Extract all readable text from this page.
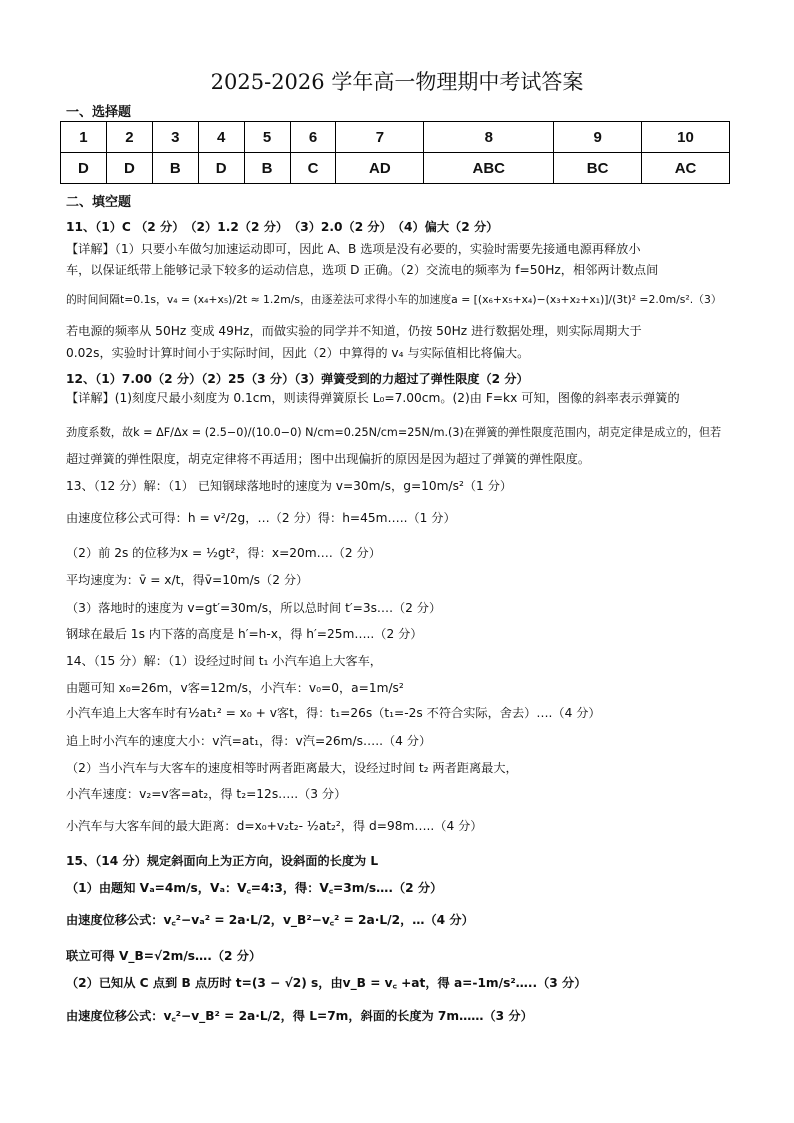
2025-2026 学年高一物理期中考试答案
一、选择题
1	2	3	4	5	6	7	8	9	10
D	D	B	D	B	C	AD	ABC	BC	AC
二、填空题
11、（1）C （2 分）　（2）1.2（2 分）　（3）2.0（2 分）　（4）偏大（2 分）
【详解】（1）只要小车做匀加速运动即可，因此 A、B 选项是没有必要的，实验时需要先接通电源再释放小
车，以保证纸带上能够记录下较多的运动信息，选项 D 正确。（2）交流电的频率为 f=50Hz，相邻两计数点间
的时间间隔t=0.1s，v₄ = (x₄+x₅)/2t ≈ 1.2m/s，由逐差法可求得小车的加速度a = [(x₆+x₅+x₄)−(x₃+x₂+x₁)]/(3t)² =2.0m/s².（3）
若电源的频率从 50Hz 变成 49Hz，而做实验的同学并不知道，仍按 50Hz 进行数据处理，则实际周期大于
0.02s，实验时计算时间小于实际时间，因此（2）中算得的 v₄ 与实际值相比将偏大。
12、（1）7.00（2 分）（2）25（3 分）（3）弹簧受到的力超过了弹性限度（2 分）
【详解】(1)刻度尺最小刻度为 0.1cm，则读得弹簧原长 L₀=7.00cm。(2)由 F=kx 可知，图像的斜率表示弹簧的
劲度系数，故k = ΔF/Δx = (2.5−0)/(10.0−0) N/cm=0.25N/cm=25N/m.(3)在弹簧的弹性限度范围内，胡克定律是成立的，但若
超过弹簧的弹性限度，胡克定律将不再适用；图中出现偏折的原因是因为超过了弹簧的弹性限度。
13、（12 分）解：（1） 已知钢球落地时的速度为 v=30m/s，g=10m/s²（1 分）
由速度位移公式可得：h = v²/2g，…（2 分）得：h=45m…..（1 分）
（2）前 2s 的位移为x = ½gt²，得：x=20m….（2 分）
平均速度为：v̄ = x/t，得v̄=10m/s（2 分）
（3）落地时的速度为 v=gt′=30m/s，所以总时间 t′=3s….（2 分）
钢球在最后 1s 内下落的高度是 h′=h-x，得 h′=25m…..（2 分）
14、（15 分）解：（1）设经过时间 t₁ 小汽车追上大客车，
由题可知 x₀=26m，v客=12m/s，小汽车：v₀=0，a=1m/s²
小汽车追上大客车时有½at₁² = x₀ + v客t，得：t₁=26s（t₁=-2s 不符合实际，舍去）….（4 分）
追上时小汽车的速度大小：v汽=at₁，得：v汽=26m/s…..（4 分）
（2）当小汽车与大客车的速度相等时两者距离最大，设经过时间 t₂ 两者距离最大，
小汽车速度：v₂=v客=at₂，得 t₂=12s…..（3 分）
小汽车与大客车间的最大距离：d=x₀+v₂t₂- ½at₂²，得 d=98m…..（4 分）
15、（14 分）规定斜面向上为正方向，设斜面的长度为 L
（1）由题知 Vₐ=4m/s，Vₐ：V꜀=4:3，得：V꜀=3m/s….（2 分）
由速度位移公式：v꜀²−vₐ² = 2a·L/2，v_B²−v꜀² = 2a·L/2，…（4 分）
联立可得 V_B=√2m/s….（2 分）
（2）已知从 C 点到 B 点历时 t=(3 − √2) s，由v_B = v꜀ +at，得 a=-1m/s²…..（3 分）
由速度位移公式：v꜀²−v_B² = 2a·L/2，得 L=7m，斜面的长度为 7m……（3 分）
